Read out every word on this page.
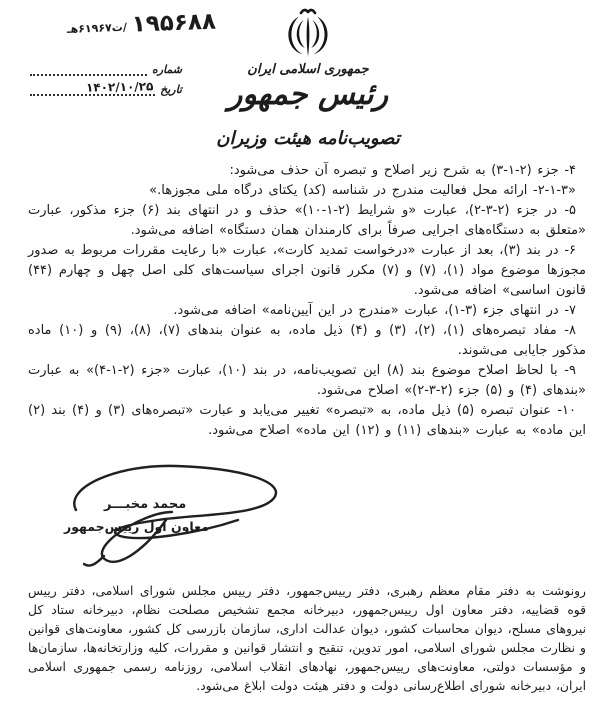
۱۹۵۶۸۸
/ت۶۱۹۶۷هـ
شماره
تاریخ
۱۴۰۲/۱۰/۲۵
جمهوری اسلامی ایران
رئیس جمهور
تصویب‌نامه هیئت وزیران

۴- جزء (۲-۱-۳) به شرح زیر اصلاح و تبصره آن حذف می‌شود:

«۲-۱-۳- ارائه محل فعالیت مندرج در شناسه (کد) یکتای درگاه ملی مجوزها.»

۵- در جزء (۲-۳-۲)، عبارت «و شرایط (۲-۱-۱۰)» حذف و در انتهای بند (۶) جزء مذکور، عبارت «متعلق به دستگاه‌های اجرایی صرفاً برای کارمندان همان دستگاه» اضافه می‌شود.

۶- در بند (۳)، بعد از عبارت «درخواست تمدید کارت»، عبارت «با رعایت مقررات مربوط به صدور مجوزها موضوع مواد (۱)، (۷) و (۷) مکرر قانون اجرای سیاست‌های کلی اصل چهل و چهارم (۴۴) قانون اساسی» اضافه می‌شود.

۷- در انتهای جزء (۳-۱)، عبارت «مندرج در این آیین‌نامه» اضافه می‌شود.

۸- مفاد تبصره‌های (۱)، (۲)، (۳) و (۴) ذیل ماده، به عنوان بندهای (۷)، (۸)، (۹) و (۱۰) ماده مذکور جایابی می‌شوند.

۹- با لحاظ اصلاح موضوع بند (۸) این تصویب‌نامه، در بند (۱۰)، عبارت «جزء (۲-۱-۴)» به عبارت «بندهای (۴) و (۵) جزء (۲-۳-۲)» اصلاح می‌شود.

۱۰- عنوان تبصره (۵) ذیل ماده، به «تبصره» تغییر می‌یابد و عبارت «تبصره‌های (۳) و (۴) بند (۲) این ماده» به عبارت «بندهای (۱۱) و (۱۲) این ماده» اصلاح می‌شود.

محمد مخبـــر
معاون اول رییس‌جمهور
رونوشت به دفتر مقام معظم رهبری، دفتر رییس‌جمهور، دفتر رییس مجلس شورای اسلامی، دفتر رییس قوه قضاییه، دفتر معاون اول رییس‌جمهور، دبیرخانه مجمع تشخیص مصلحت نظام، دبیرخانه ستاد کل نیروهای مسلح، دیوان محاسبات کشور، دیوان عدالت اداری، سازمان بازرسی کل کشور، معاونت‌های قوانین و نظارت مجلس شورای اسلامی، امور تدوین، تنقیح و انتشار قوانین و مقررات، کلیه وزارتخانه‌ها، سازمان‌ها و مؤسسات دولتی، معاونت‌های رییس‌جمهور، نهادهای انقلاب اسلامی، روزنامه رسمی جمهوری اسلامی ایران، دبیرخانه شورای اطلاع‌رسانی دولت و دفتر هیئت دولت ابلاغ می‌شود.
